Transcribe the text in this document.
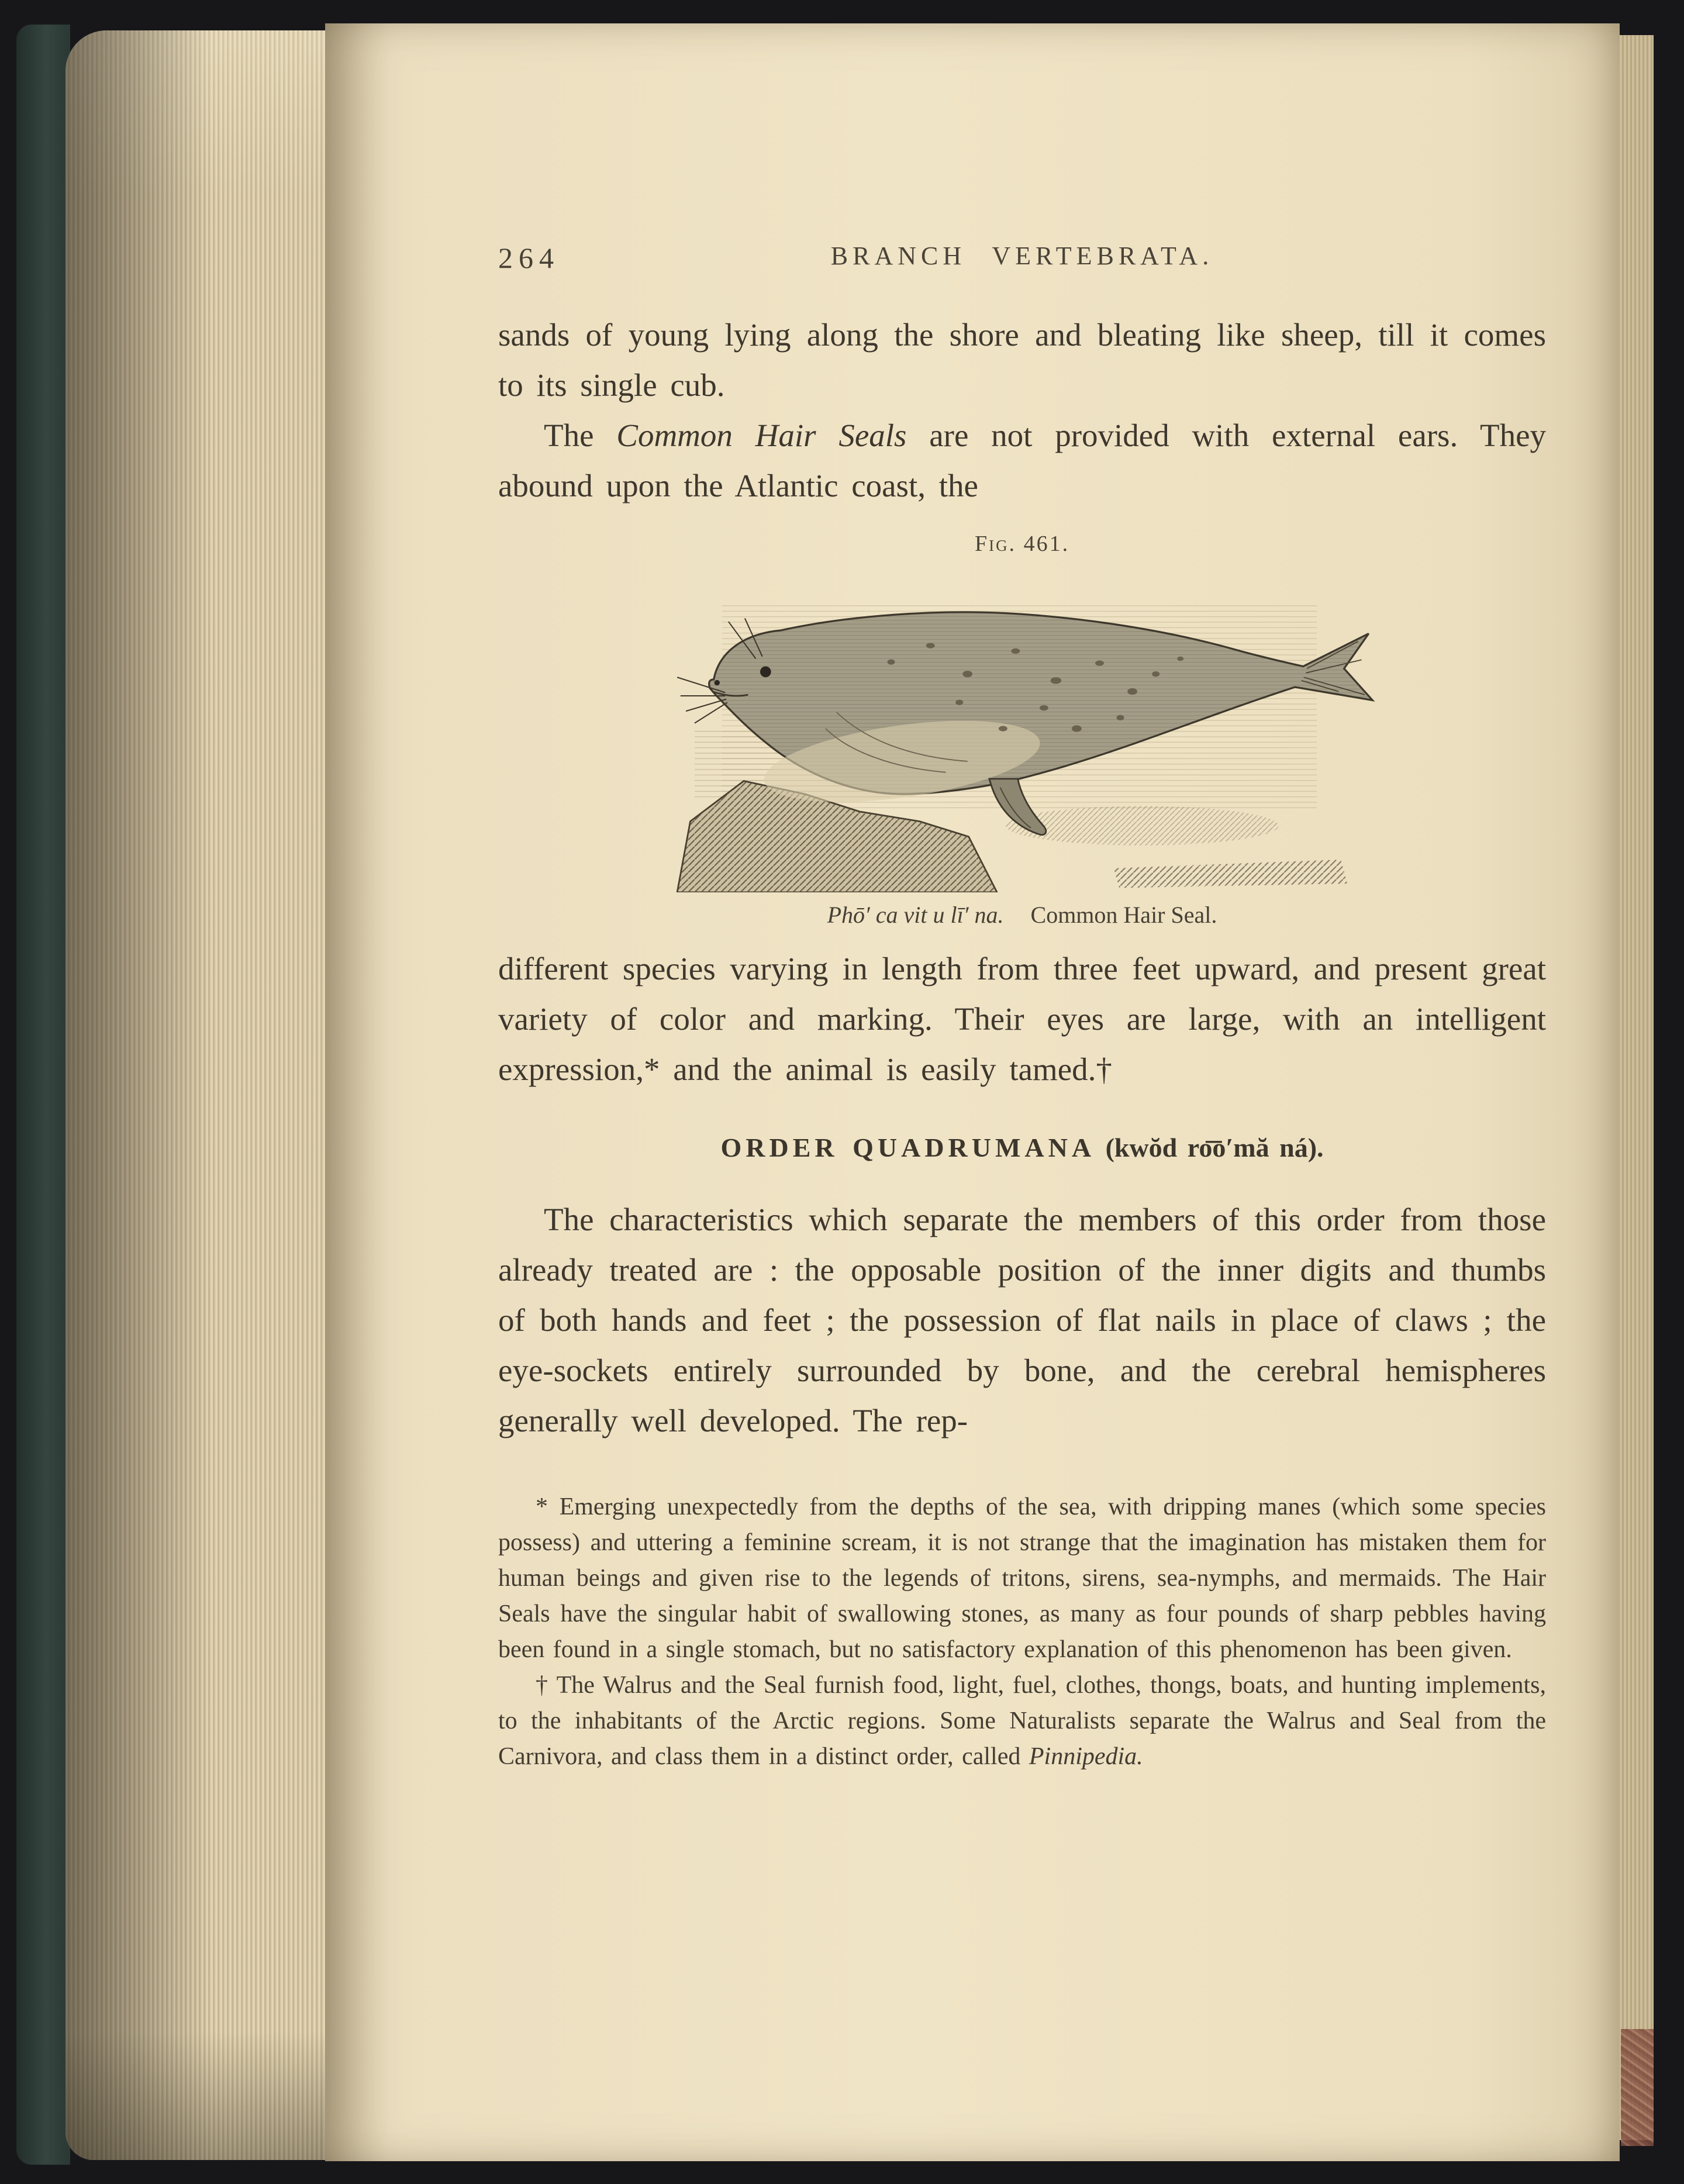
264	BRANCH VERTEBRATA.

sands of young lying along the shore and bleating like sheep, till it comes to its single cub.

The Common Hair Seals are not provided with external ears. They abound upon the Atlantic coast, the

Fig. 461.
Phō′ ca vit u lī′ na. Common Hair Seal.

different species varying in length from three feet upward, and present great variety of color and marking. Their eyes are large, with an intelligent expression,* and the animal is easily tamed.†

ORDER QUADRUMANA (kwŏd ro͞o′mă ná).

The characteristics which separate the members of this order from those already treated are : the opposable position of the inner digits and thumbs of both hands and feet ; the possession of flat nails in place of claws ; the eye-sockets entirely surrounded by bone, and the cerebral hemispheres generally well developed. The rep-

* Emerging unexpectedly from the depths of the sea, with dripping manes (which some species possess) and uttering a feminine scream, it is not strange that the imagination has mistaken them for human beings and given rise to the legends of tritons, sirens, sea-nymphs, and mermaids. The Hair Seals have the singular habit of swallowing stones, as many as four pounds of sharp pebbles having been found in a single stomach, but no satisfactory explanation of this phenomenon has been given.

† The Walrus and the Seal furnish food, light, fuel, clothes, thongs, boats, and hunting implements, to the inhabitants of the Arctic regions. Some Naturalists separate the Walrus and Seal from the Carnivora, and class them in a distinct order, called Pinnipedia.
